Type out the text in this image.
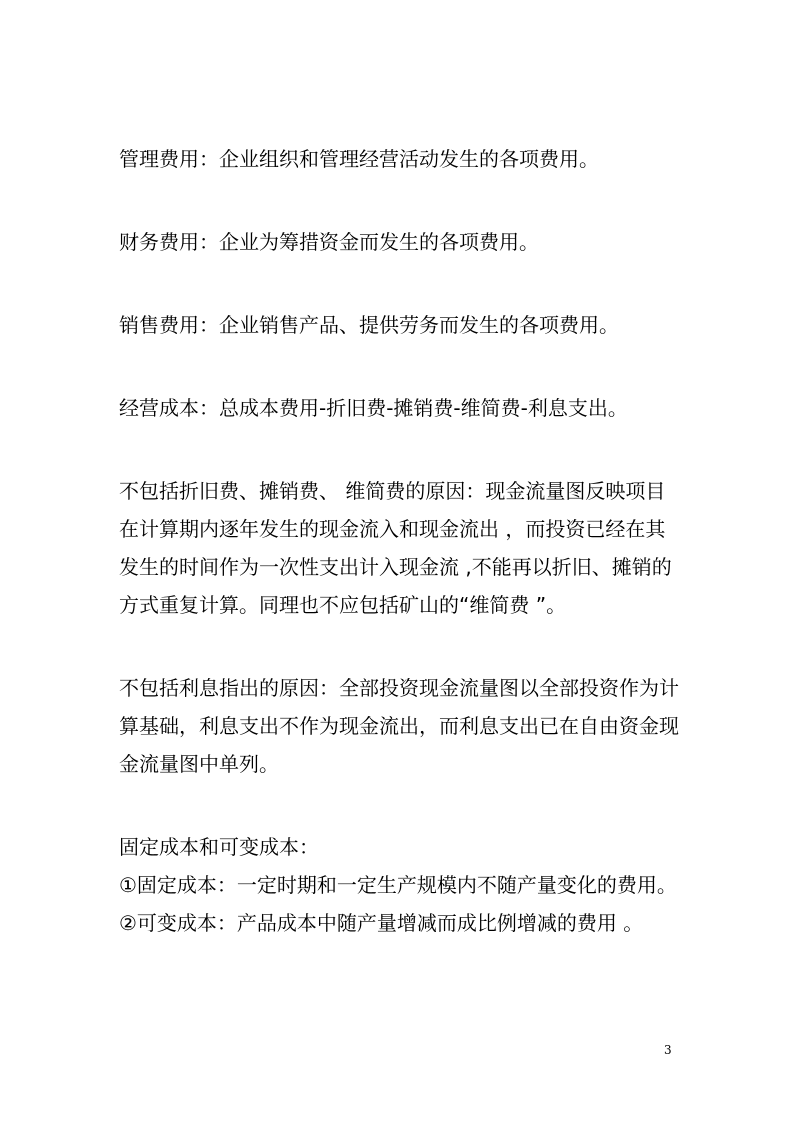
管理费用：企业组织和管理经营活动发生的各项费用。

财务费用：企业为筹措资金而发生的各项费用。

销售费用：企业销售产品、提供劳务而发生的各项费用。

经营成本：总成本费用-折旧费-摊销费-维简费-利息支出。

不包括折旧费、摊销费、 维简费的原因：现金流量图反映项目在计算期内逐年发生的现金流入和现金流出 ，而投资已经在其发生的时间作为一次性支出计入现金流 ,不能再以折旧、摊销的方式重复计算。同理也不应包括矿山的“维简费 ”。

不包括利息指出的原因：全部投资现金流量图以全部投资作为计算基础，利息支出不作为现金流出，而利息支出已在自由资金现金流量图中单列。

固定成本和可变成本：

①固定成本：一定时期和一定生产规模内不随产量变化的费用。

②可变成本：产品成本中随产量增减而成比例增减的费用 。

3
